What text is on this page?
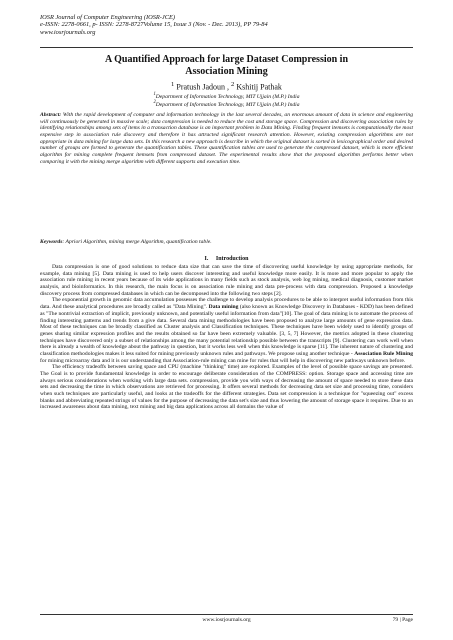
IOSR Journal of Computer Engineering (IOSR-JCE)
e-ISSN: 2278-0661, p- ISSN: 2278-8727Volume 15, Issue 3 (Nov. - Dec. 2013), PP 79-84
www.iosrjournals.org
A Quantified Approach for large Dataset Compression in
Association Mining
$^1$ Pratush Jadoun , $^2$ Kshitij Pathak
$^1$Department of Information Technology, MIT Ujjain (M.P.) India
$^2$Department of Information Technology, MIT Ujjain (M.P.) India
Abstract: With the rapid development of computer and information technology in the last several decades, an enormous amount of data in science and engineering will continuously be generated in massive scale; data compression is needed to reduce the cost and storage space. Compression and discovering association rules by identifying relationships among sets of items in a transaction database is an important problem in Data Mining. Finding frequent itemsets is computationally the most expensive step in association rule discovery and therefore it has attracted significant research attention. However, existing compression algorithms are not appropriate in data mining for large data sets. In this research a new approach is describe in which the original dataset is sorted in lexicographical order and desired number of groups are formed to generate the quantification tables. These quantification tables are used to generate the compressed dataset, which is more efficient algorithm for mining complete frequent itemsets from compressed dataset. The experimental results show that the proposed algorithm performs better when comparing it with the mining merge algorithm with different supports and execution time.
Keywords: Apriori Algorithm, mining merge Algorithm, quantification table.
I. Introduction

Data compression is one of good solutions to reduce data size that can save the time of discovering useful knowledge by using appropriate methods, for example, data mining [5]. Data mining is used to help users discover interesting and useful knowledge more easily. It is more and more popular to apply the association rule mining in recent years because of its wide applications in many fields such as stock analysis, web log mining, medical diagnosis, customer market analysis, and bioinformatics. In this research, the main focus is on association rule mining and data pre-process with data compression. Proposed a knowledge discovery process from compressed databases in which can be decomposed into the following two steps [2].

The exponential growth in genomic data accumulation possesses the challenge to develop analysis procedures to be able to interpret useful information from this data. And these analytical procedures are broadly called as "Data Mining". Data mining (also known as Knowledge Discovery in Databases - KDD) has been defined as "The nontrivial extraction of implicit, previously unknown, and potentially useful information from data"[10]. The goal of data mining is to automate the process of finding interesting patterns and trends from a give data. Several data mining methodologies have been proposed to analyze large amounts of gene expression data. Most of these techniques can be broadly classified as Cluster analysis and Classification techniques. These techniques have been widely used to identify groups of genes sharing similar expression profiles and the results obtained so far have been extremely valuable. [3, 5, 7] However, the metrics adopted in these clustering techniques have discovered only a subset of relationships among the many potential relationship possible between the transcripts [9]. Clustering can work well when there is already a wealth of knowledge about the pathway in question, but it works less well when this knowledge is sparse [11]. The inherent nature of clustering and classification methodologies makes it less suited for mining previously unknown rules and pathways. We propose using another technique - Association Rule Mining for mining microarray data and it is our understanding that Association-rule mining can mine for rules that will help in discovering new pathways unknown before.

The efficiency tradeoffs between saving space and CPU (machine "thinking" time) are explored. Examples of the level of possible space savings are presented. The Goal is to provide fundamental knowledge in order to encourage deliberate consideration of the COMPRESS: option. Storage space and accessing time are always serious considerations when working with large data sets. compression, provide you with ways of decreasing the amount of space needed to store these data sets and decreasing the time in which observations are retrieved for processing. It offers several methods for decreasing data set size and processing time, considers when such techniques are particularly useful, and looks at the tradeoffs for the different strategies. Data set compression is a technique for "squeezing out" excess blanks and abbreviating repeated strings of values for the purpose of decreasing the data set's size and thus lowering the amount of storage space it requires. Due to an increased awareness about data mining, text mining and big data applications across all domains the value of

www.iosrjournals.org	79 | Page
